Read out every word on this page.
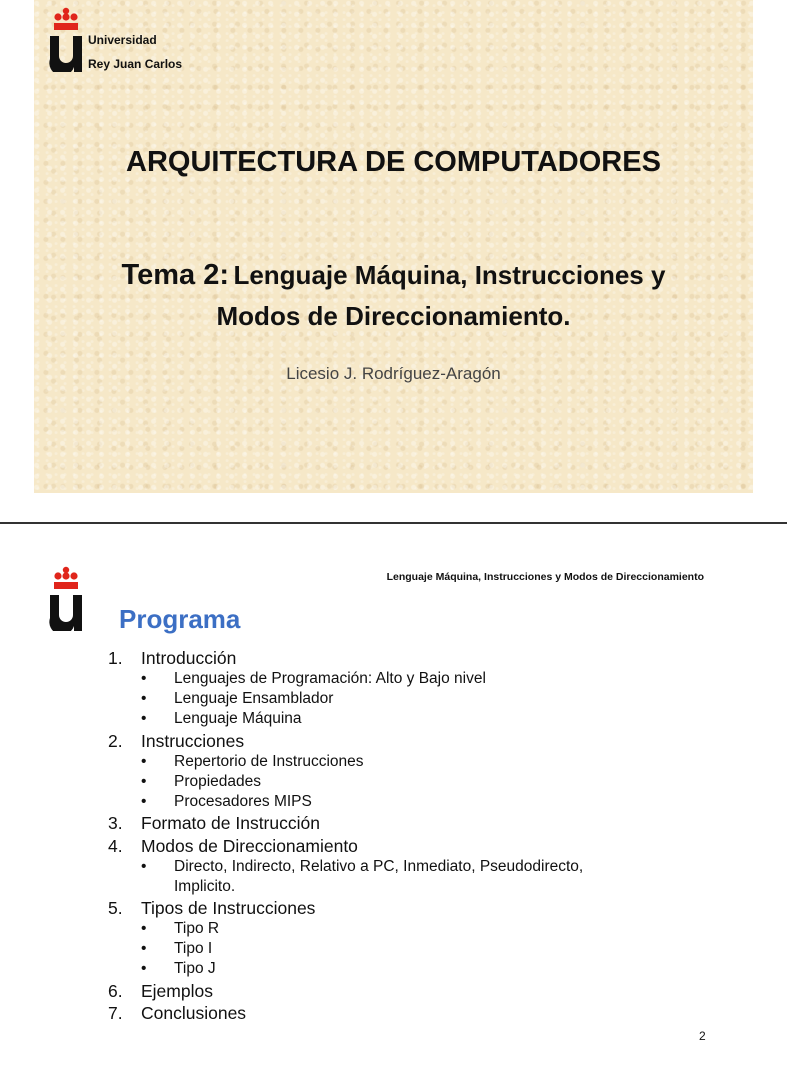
Universidad
Rey Juan Carlos
ARQUITECTURA DE COMPUTADORES
Tema 2: Lenguaje Máquina, Instrucciones y
Modos de Direccionamiento.
Licesio J. Rodríguez-Aragón
Lenguaje Máquina, Instrucciones y Modos de Direccionamiento
Programa
1. Introducción
• Lenguajes de Programación: Alto y Bajo nivel
• Lenguaje Ensamblador
• Lenguaje Máquina
2. Instrucciones
• Repertorio de Instrucciones
• Propiedades
• Procesadores MIPS
3. Formato de Instrucción
4. Modos de Direccionamiento
• Directo, Indirecto, Relativo a PC, Inmediato, Pseudodirecto,
Implicito.
5. Tipos de Instrucciones
• Tipo R
• Tipo I
• Tipo J
6. Ejemplos
7. Conclusiones
2
